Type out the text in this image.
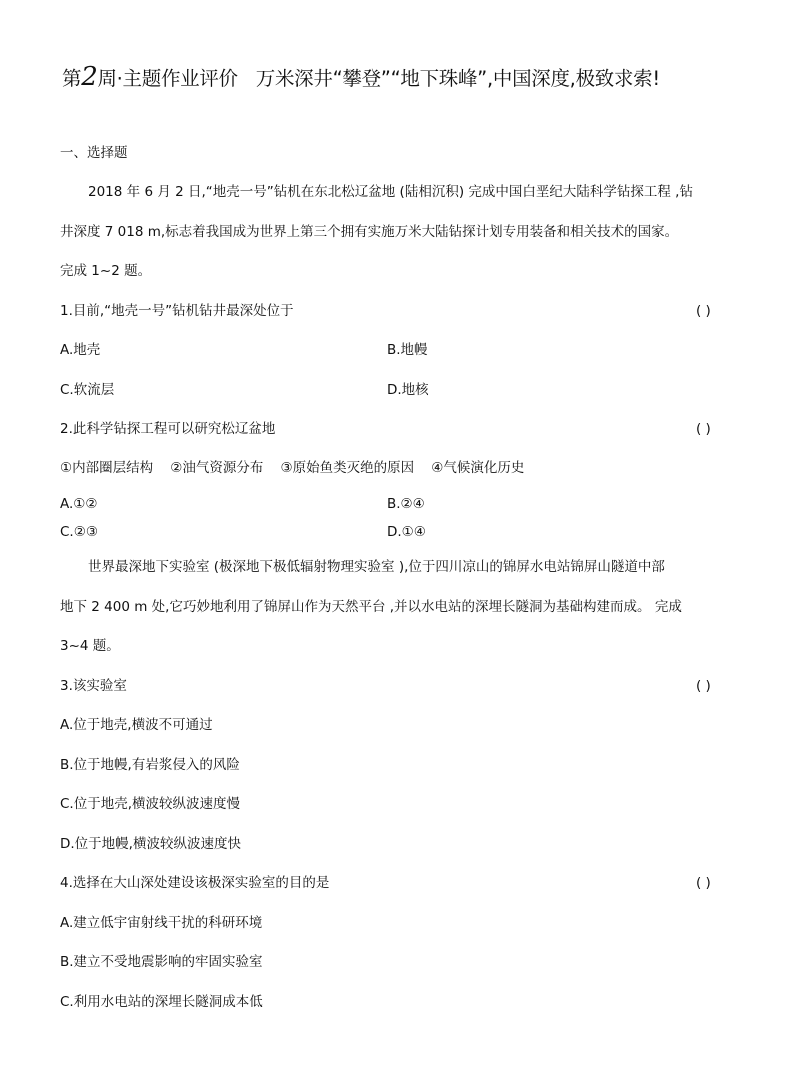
第2周·主题作业评价 万米深井“攀登”“地下珠峰”,中国深度,极致求索!
一、选择题
2018 年 6 月 2 日,“地壳一号”钻机在东北松辽盆地 (陆相沉积) 完成中国白垩纪大陆科学钻探工程 ,钻
井深度 7 018 m,标志着我国成为世界上第三个拥有实施万米大陆钻探计划专用装备和相关技术的国家。
完成 1~2 题。
1.目前,“地壳一号”钻机钻井最深处位于	( )
A.地壳	B.地幔
C.软流层	D.地核
2.此科学钻探工程可以研究松辽盆地	( )
①内部圈层结构    ②油气资源分布    ③原始鱼类灭绝的原因    ④气候演化历史
A.①②	B.②④
C.②③	D.①④
世界最深地下实验室 (极深地下极低辐射物理实验室 ),位于四川凉山的锦屏水电站锦屏山隧道中部
地下 2 400 m 处,它巧妙地利用了锦屏山作为天然平台 ,并以水电站的深埋长隧洞为基础构建而成。 完成
3~4 题。
3.该实验室	( )
A.位于地壳,横波不可通过
B.位于地幔,有岩浆侵入的风险
C.位于地壳,横波较纵波速度慢
D.位于地幔,横波较纵波速度快
4.选择在大山深处建设该极深实验室的目的是	( )
A.建立低宇宙射线干扰的科研环境
B.建立不受地震影响的牢固实验室
C.利用水电站的深埋长隧洞成本低
